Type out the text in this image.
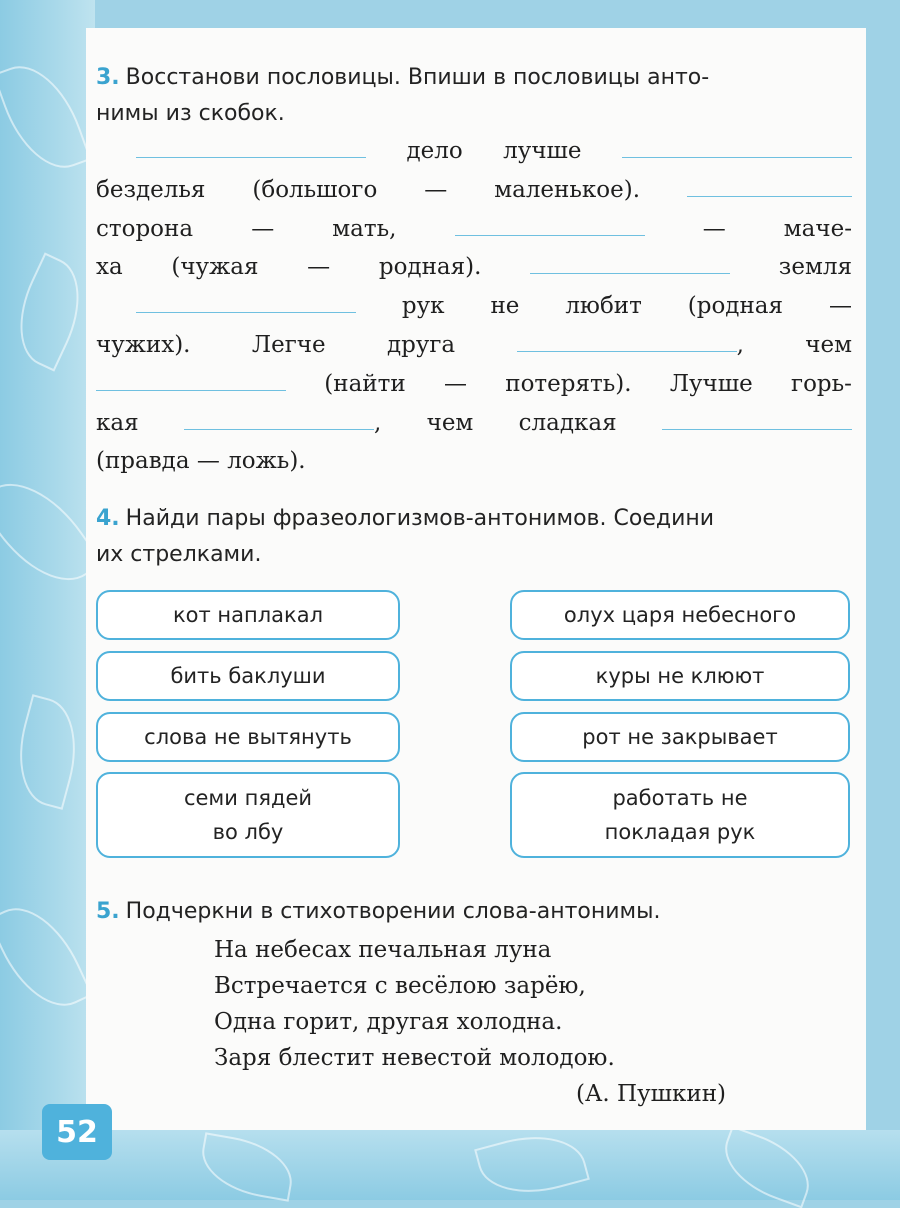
3. Восстанови пословицы. Впиши в пословицы анто-
нимы из скобок.
дело лучше
безделья (большого — маленькое).
сторона	—	мать,	—	маче-
ха (чужая — родная).	земля
рук не любит (родная —
чужих).	Легче	друга	,	чем
(найти — потерять). Лучше горь-
кая	, чем сладкая
(правда — ложь).
4. Найди пары фразеологизмов-антонимов. Соедини
их стрелками.
кот наплакал
бить баклуши
слова не вытянуть
семи пядей
во лбу
олух царя небесного
куры не клюют
рот не закрывает
работать не
покладая рук
5. Подчеркни в стихотворении слова-антонимы.
На небесах печальная луна
Встречается с весёлою зарёю,
Одна горит, другая холодна.
Заря блестит невестой молодою.
(А. Пушкин)
52
